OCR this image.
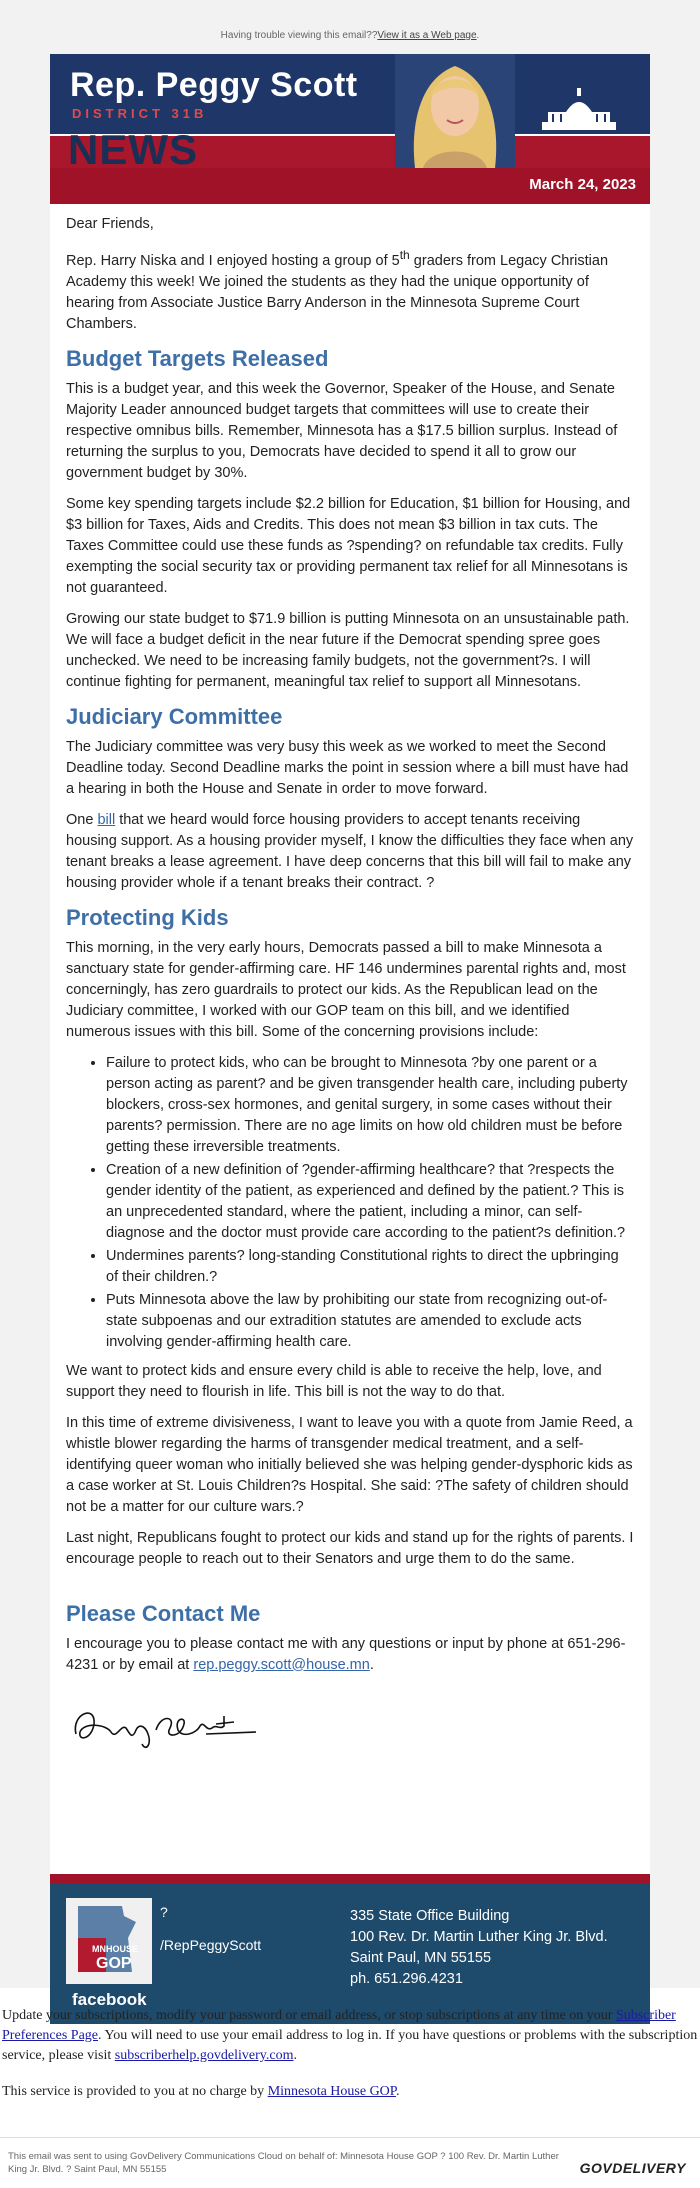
Having trouble viewing this email??View it as a Web page.
Rep. Peggy Scott
DISTRICT 31B
NEWS
March 24, 2023

Dear Friends,

Rep. Harry Niska and I enjoyed hosting a group of 5th graders from Legacy Christian Academy this week! We joined the students as they had the unique opportunity of hearing from Associate Justice Barry Anderson in the Minnesota Supreme Court Chambers.

Budget Targets Released

This is a budget year, and this week the Governor, Speaker of the House, and Senate Majority Leader announced budget targets that committees will use to create their respective omnibus bills. Remember, Minnesota has a $17.5 billion surplus. Instead of returning the surplus to you, Democrats have decided to spend it all to grow our government budget by 30%.

Some key spending targets include $2.2 billion for Education, $1 billion for Housing, and $3 billion for Taxes, Aids and Credits. This does not mean $3 billion in tax cuts. The Taxes Committee could use these funds as ?spending? on refundable tax credits. Fully exempting the social security tax or providing permanent tax relief for all Minnesotans is not guaranteed.

Growing our state budget to $71.9 billion is putting Minnesota on an unsustainable path. We will face a budget deficit in the near future if the Democrat spending spree goes unchecked. We need to be increasing family budgets, not the government?s. I will continue fighting for permanent, meaningful tax relief to support all Minnesotans.

Judiciary Committee

The Judiciary committee was very busy this week as we worked to meet the Second Deadline today. Second Deadline marks the point in session where a bill must have had a hearing in both the House and Senate in order to move forward.

One bill that we heard would force housing providers to accept tenants receiving housing support. As a housing provider myself, I know the difficulties they face when any tenant breaks a lease agreement. I have deep concerns that this bill will fail to make any housing provider whole if a tenant breaks their contract. ?

Protecting Kids

This morning, in the very early hours, Democrats passed a bill to make Minnesota a sanctuary state for gender-affirming care. HF 146 undermines parental rights and, most concerningly, has zero guardrails to protect our kids. As the Republican lead on the Judiciary committee, I worked with our GOP team on this bill, and we identified numerous issues with this bill. Some of the concerning provisions include:

• Failure to protect kids, who can be brought to Minnesota ?by one parent or a person acting as parent? and be given transgender health care, including puberty blockers, cross-sex hormones, and genital surgery, in some cases without their parents? permission. There are no age limits on how old children must be before getting these irreversible treatments.
• Creation of a new definition of ?gender-affirming healthcare? that ?respects the gender identity of the patient, as experienced and defined by the patient.? This is an unprecedented standard, where the patient, including a minor, can self-diagnose and the doctor must provide care according to the patient?s definition.?
• Undermines parents? long-standing Constitutional rights to direct the upbringing of their children.?
• Puts Minnesota above the law by prohibiting our state from recognizing out-of-state subpoenas and our extradition statutes are amended to exclude acts involving gender-affirming health care.

We want to protect kids and ensure every child is able to receive the help, love, and support they need to flourish in life. This bill is not the way to do that.

In this time of extreme divisiveness, I want to leave you with a quote from Jamie Reed, a whistle blower regarding the harms of transgender medical treatment, and a self-identifying queer woman who initially believed she was helping gender-dysphoric kids as a case worker at St. Louis Children?s Hospital. She said: ?The safety of children should not be a matter for our culture wars.?

Last night, Republicans fought to protect our kids and stand up for the rights of parents. I encourage people to reach out to their Senators and urge them to do the same.

Please Contact Me

I encourage you to please contact me with any questions or input by phone at 651-296-4231 or by email at rep.peggy.scott@house.mn.

MNHOUSE
GOP
facebook
?
/RepPeggyScott
335 State Office Building
100 Rev. Dr. Martin Luther King Jr. Blvd.
Saint Paul, MN 55155
ph. 651.296.4231

Update your subscriptions, modify your password or email address, or stop subscriptions at any time on your Subscriber Preferences Page. You will need to use your email address to log in. If you have questions or problems with the subscription service, please visit subscriberhelp.govdelivery.com.

This service is provided to you at no charge by Minnesota House GOP.

This email was sent to using GovDelivery Communications Cloud on behalf of: Minnesota House GOP ? 100 Rev. Dr. Martin Luther King Jr. Blvd. ? Saint Paul, MN 55155	GOVDELIVERY
